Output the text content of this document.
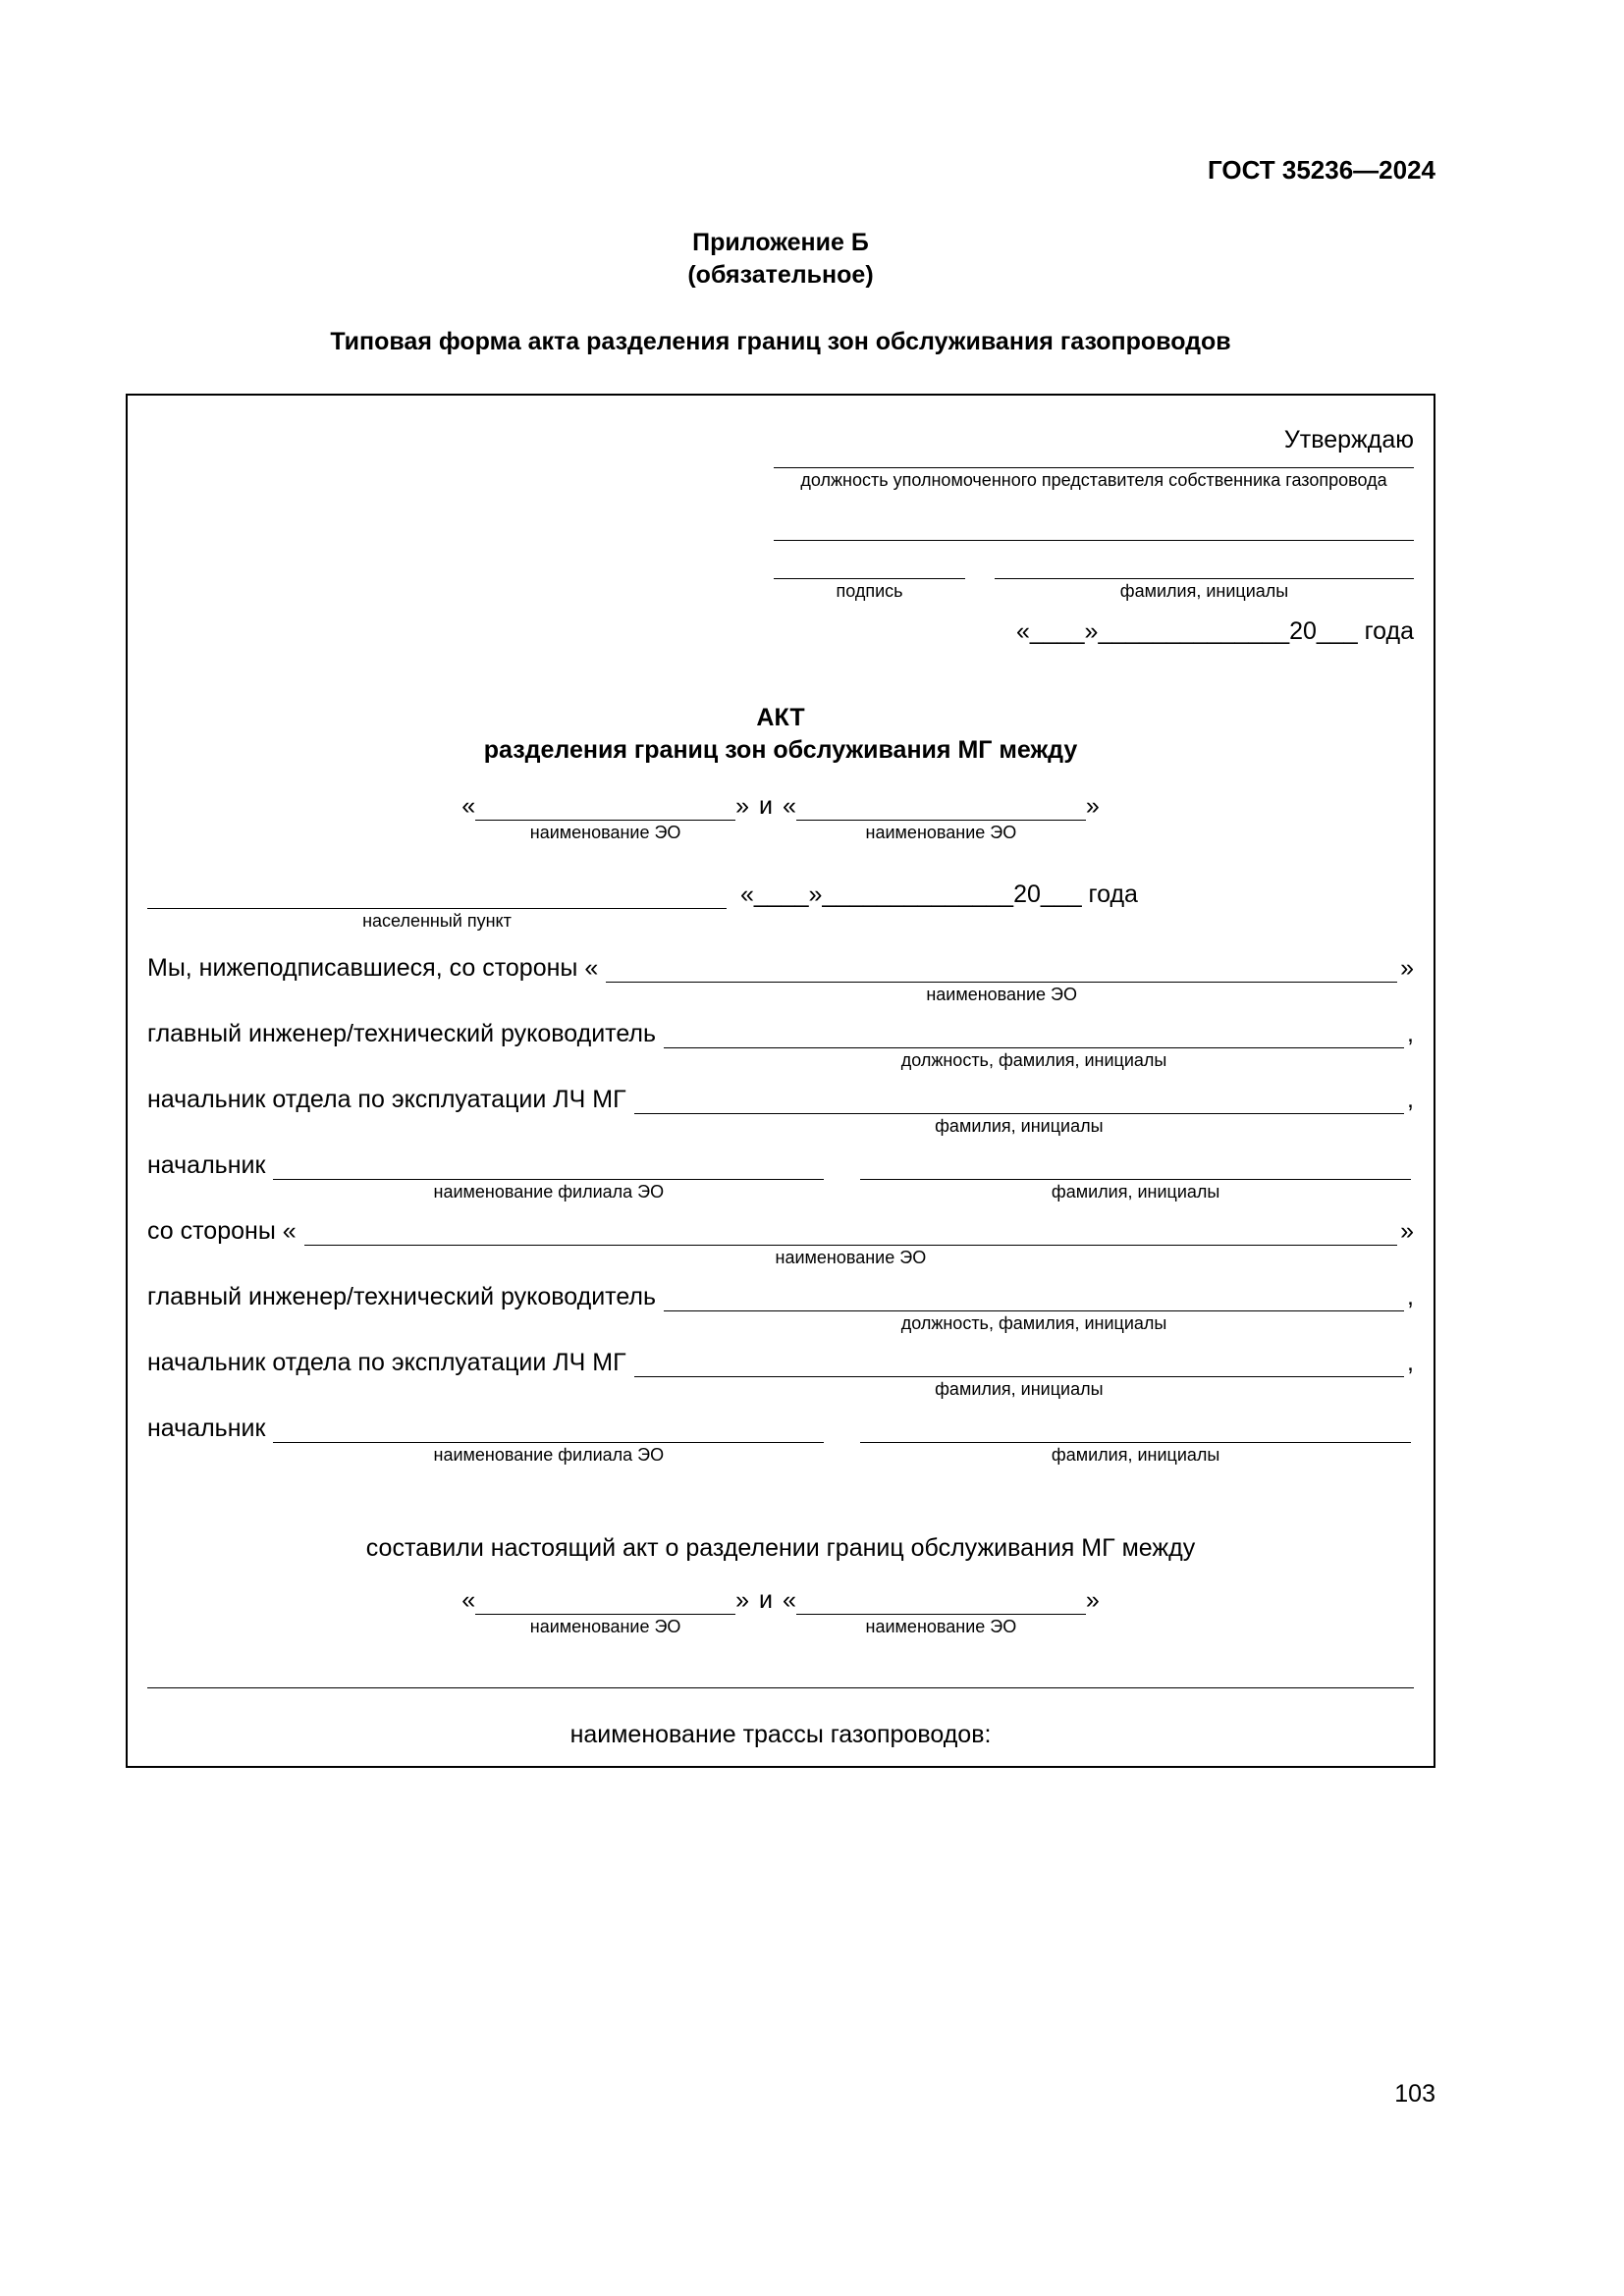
ГОСТ 35236—2024
Приложение Б
(обязательное)
Типовая форма акта разделения границ зон обслуживания газопроводов
Утверждаю
должность уполномоченного представителя собственника газопровода
подпись	фамилия, инициалы
«____»______________20___ года
АКТ
разделения границ зон обслуживания МГ между
«
наименование ЭО
» и «
наименование ЭО
»
населенный пункт
«____»______________20___ года
Мы, нижеподписавшиеся, со стороны «
наименование ЭО
»
главный инженер/технический руководитель
должность, фамилия, инициалы
,
начальник отдела по эксплуатации ЛЧ МГ
фамилия, инициалы
,
начальник
наименование филиала ЭО	фамилия, инициалы
со стороны «
наименование ЭО
»
главный инженер/технический руководитель
должность, фамилия, инициалы
,
начальник отдела по эксплуатации ЛЧ МГ
фамилия, инициалы
,
начальник
наименование филиала ЭО	фамилия, инициалы
составили настоящий акт о разделении границ обслуживания МГ между
«
наименование ЭО
» и «
наименование ЭО
»
наименование трассы газопроводов:
103
